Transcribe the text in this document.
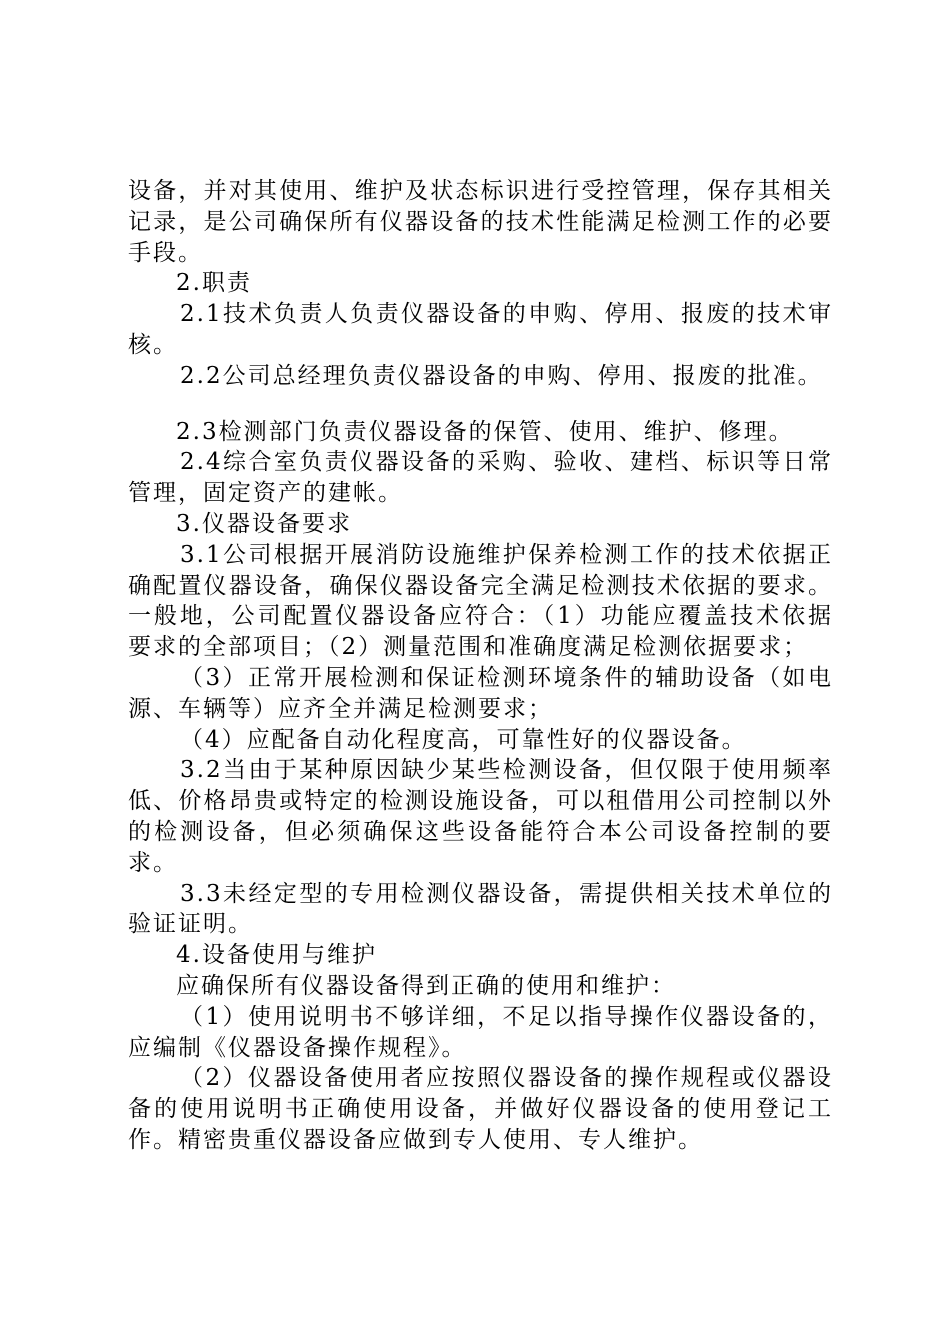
设备，并对其使用、维护及状态标识进行受控管理，保存其相关记录，是公司确保所有仪器设备的技术性能满足检测工作的必要手段。

2.职责

2.1技术负责人负责仪器设备的申购、停用、报废的技术审核。

2.2公司总经理负责仪器设备的申购、停用、报废的批准。

2.3检测部门负责仪器设备的保管、使用、维护、修理。

2.4综合室负责仪器设备的采购、验收、建档、标识等日常管理，固定资产的建帐。

3.仪器设备要求

3.1公司根据开展消防设施维护保养检测工作的技术依据正确配置仪器设备，确保仪器设备完全满足检测技术依据的要求。一般地，公司配置仪器设备应符合：（1）功能应覆盖技术依据要求的全部项目；（2）测量范围和准确度满足检测依据要求；

（3）正常开展检测和保证检测环境条件的辅助设备（如电源、车辆等）应齐全并满足检测要求；

（4）应配备自动化程度高，可靠性好的仪器设备。

3.2当由于某种原因缺少某些检测设备，但仅限于使用频率低、价格昂贵或特定的检测设施设备，可以租借用公司控制以外的检测设备，但必须确保这些设备能符合本公司设备控制的要求。

3.3未经定型的专用检测仪器设备，需提供相关技术单位的验证证明。

4.设备使用与维护

应确保所有仪器设备得到正确的使用和维护：

（1）使用说明书不够详细，不足以指导操作仪器设备的，应编制《仪器设备操作规程》。

（2）仪器设备使用者应按照仪器设备的操作规程或仪器设备的使用说明书正确使用设备，并做好仪器设备的使用登记工作。精密贵重仪器设备应做到专人使用、专人维护。
